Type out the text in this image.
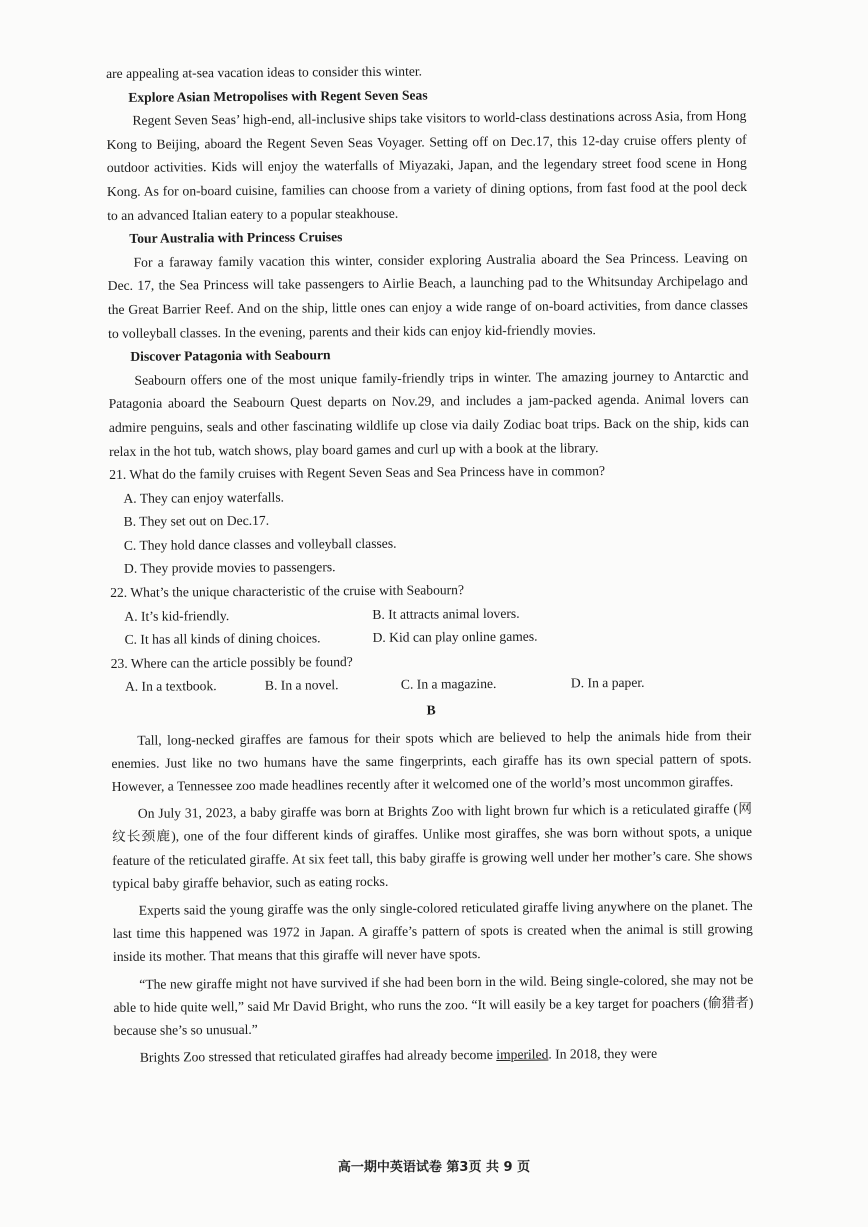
are appealing at-sea vacation ideas to consider this winter.

Explore Asian Metropolises with Regent Seven Seas

Regent Seven Seas’ high-end, all-inclusive ships take visitors to world-class destinations across Asia, from Hong Kong to Beijing, aboard the Regent Seven Seas Voyager. Setting off on Dec.17, this 12-day cruise offers plenty of outdoor activities. Kids will enjoy the waterfalls of Miyazaki, Japan, and the legendary street food scene in Hong Kong. As for on-board cuisine, families can choose from a variety of dining options, from fast food at the pool deck to an advanced Italian eatery to a popular steakhouse.

Tour Australia with Princess Cruises

For a faraway family vacation this winter, consider exploring Australia aboard the Sea Princess. Leaving on Dec. 17, the Sea Princess will take passengers to Airlie Beach, a launching pad to the Whitsunday Archipelago and the Great Barrier Reef. And on the ship, little ones can enjoy a wide range of on-board activities, from dance classes to volleyball classes. In the evening, parents and their kids can enjoy kid-friendly movies.

Discover Patagonia with Seabourn

Seabourn offers one of the most unique family-friendly trips in winter. The amazing journey to Antarctic and Patagonia aboard the Seabourn Quest departs on Nov.29, and includes a jam-packed agenda. Animal lovers can admire penguins, seals and other fascinating wildlife up close via daily Zodiac boat trips. Back on the ship, kids can relax in the hot tub, watch shows, play board games and curl up with a book at the library.

21. What do the family cruises with Regent Seven Seas and Sea Princess have in common?

A. They can enjoy waterfalls.

B. They set out on Dec.17.

C. They hold dance classes and volleyball classes.

D. They provide movies to passengers.

22. What’s the unique characteristic of the cruise with Seabourn?

A. It’s kid-friendly.	B. It attracts animal lovers.
C. It has all kinds of dining choices.	D. Kid can play online games.

23. Where can the article possibly be found?

A. In a textbook.	B. In a novel.	C. In a magazine.	D. In a paper.

B

Tall, long-necked giraffes are famous for their spots which are believed to help the animals hide from their enemies. Just like no two humans have the same fingerprints, each giraffe has its own special pattern of spots. However, a Tennessee zoo made headlines recently after it welcomed one of the world’s most uncommon giraffes.

On July 31, 2023, a baby giraffe was born at Brights Zoo with light brown fur which is a reticulated giraffe (网纹长颈鹿), one of the four different kinds of giraffes. Unlike most giraffes, she was born without spots, a unique feature of the reticulated giraffe. At six feet tall, this baby giraffe is growing well under her mother’s care. She shows typical baby giraffe behavior, such as eating rocks.

Experts said the young giraffe was the only single-colored reticulated giraffe living anywhere on the planet. The last time this happened was 1972 in Japan. A giraffe’s pattern of spots is created when the animal is still growing inside its mother. That means that this giraffe will never have spots.

“The new giraffe might not have survived if she had been born in the wild. Being single-colored, she may not be able to hide quite well,” said Mr David Bright, who runs the zoo. “It will easily be a key target for poachers (偷猎者) because she’s so unusual.”

Brights Zoo stressed that reticulated giraffes had already become imperiled. In 2018, they were

高一期中英语试卷 第3页 共 9 页
